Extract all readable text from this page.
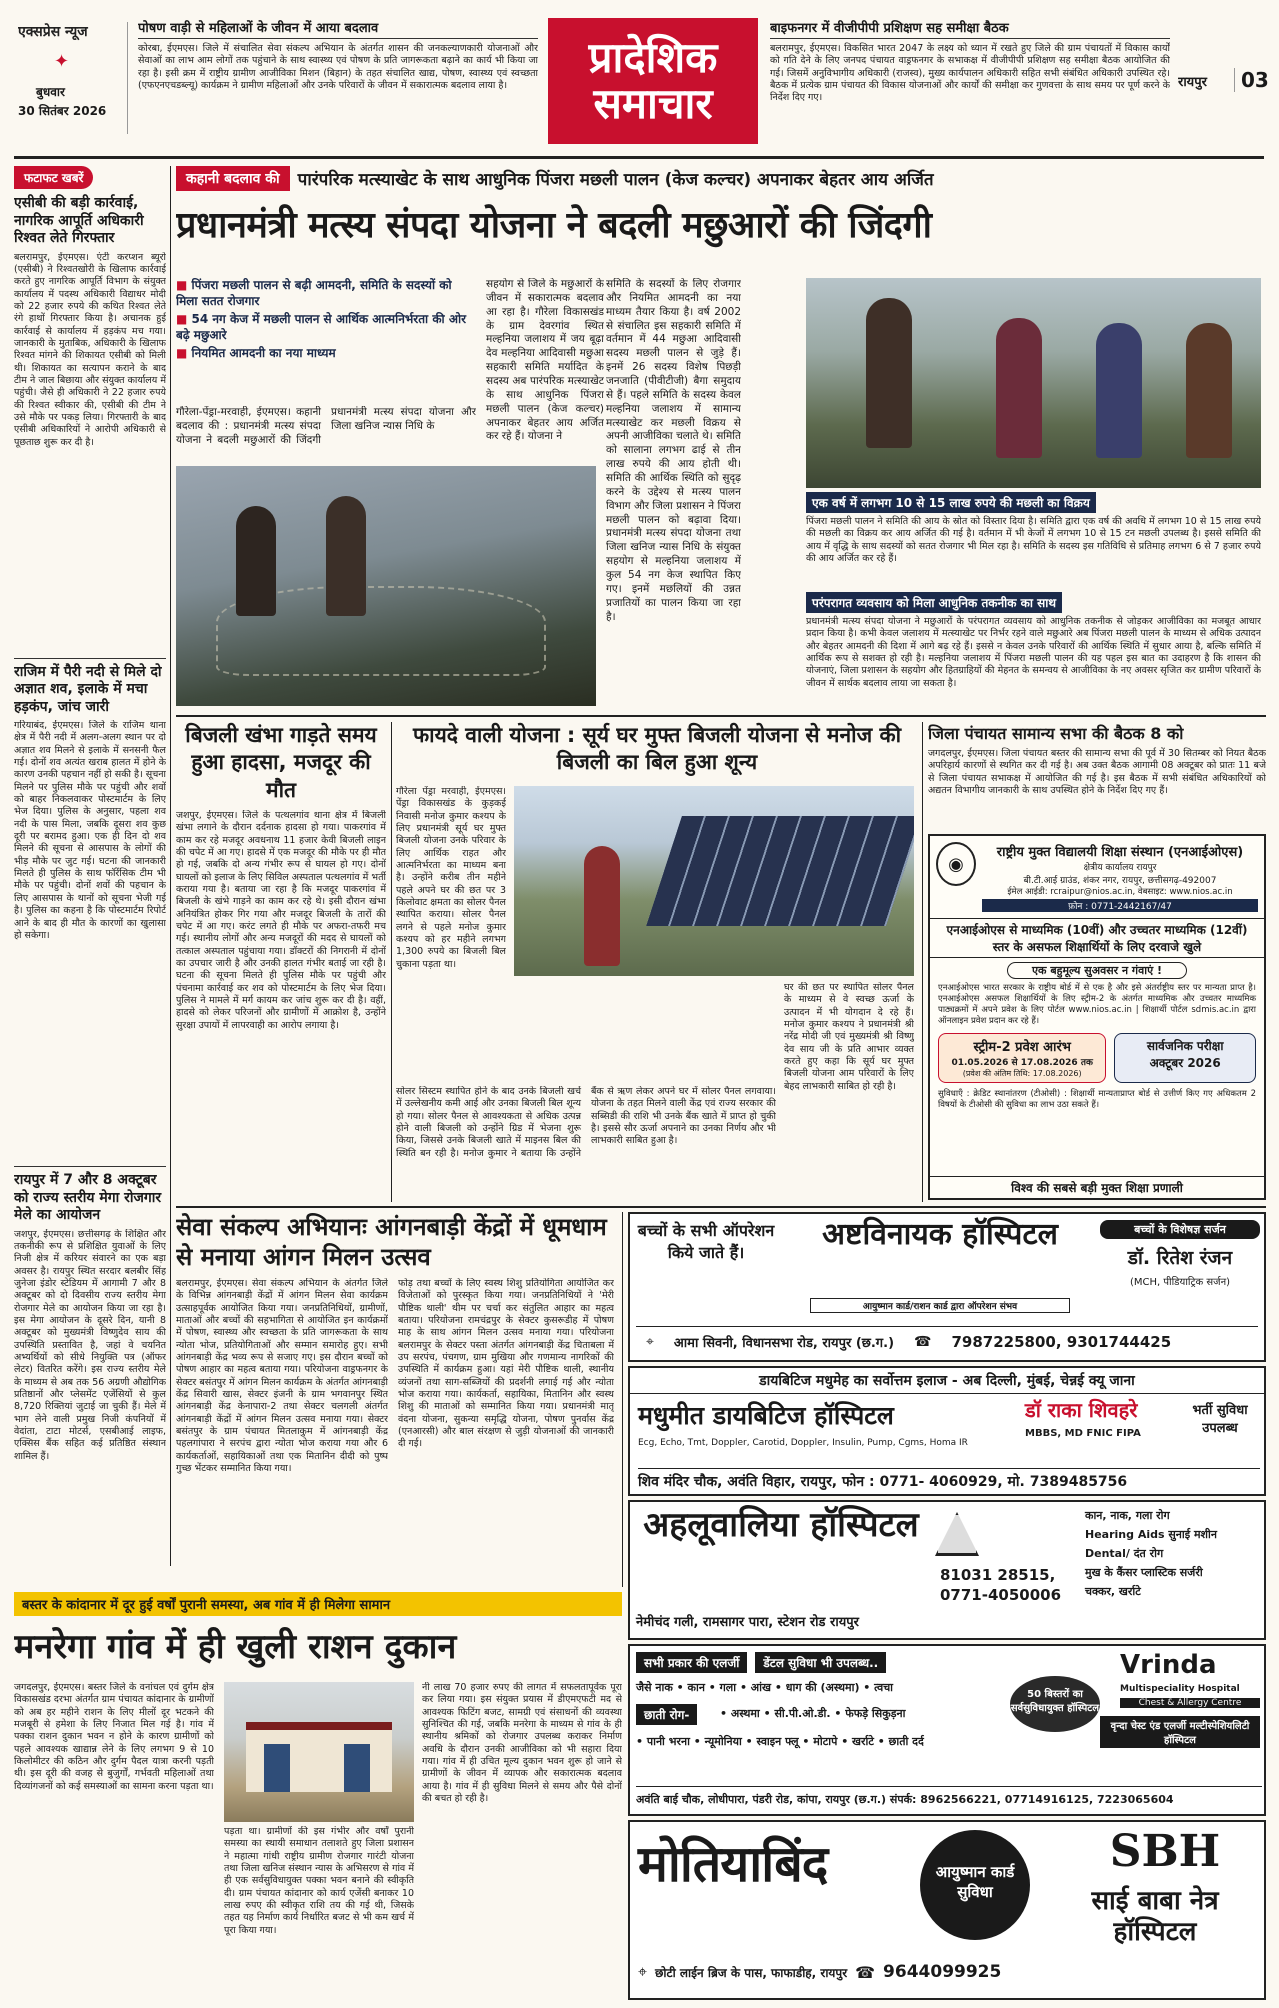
एक्सप्रेस न्यूज
✦
बुधवार
30 सितंबर 2026
पोषण वाड़ी से महिलाओं के जीवन में आया बदलाव
कोरबा, ईएमएस। जिले में संचालित सेवा संकल्प अभियान के अंतर्गत शासन की जनकल्याणकारी योजनाओं और सेवाओं का लाभ आम लोगों तक पहुंचाने के साथ स्वास्थ्य एवं पोषण के प्रति जागरूकता बढ़ाने का कार्य भी किया जा रहा है। इसी क्रम में राष्ट्रीय ग्रामीण आजीविका मिशन (बिहान) के तहत संचालित खाद्य, पोषण, स्वास्थ्य एवं स्वच्छता (एफएनएचडब्ल्यू) कार्यक्रम ने ग्रामीण महिलाओं और उनके परिवारों के जीवन में सकारात्मक बदलाव लाया है।
प्रादेशिक समाचार
बाइफनगर में वीजीपीपी प्रशिक्षण सह समीक्षा बैठक
बलरामपुर, ईएमएस। विकसित भारत 2047 के लक्ष्य को ध्यान में रखते हुए जिले की ग्राम पंचायतों में विकास कार्यों को गति देने के लिए जनपद पंचायत वाड्रफनगर के सभाकक्ष में वीजीपीपी प्रशिक्षण सह समीक्षा बैठक आयोजित की गई। जिसमें अनुविभागीय अधिकारी (राजस्व), मुख्य कार्यपालन अधिकारी सहित सभी संबंधित अधिकारी उपस्थित रहे। बैठक में प्रत्येक ग्राम पंचायत की विकास योजनाओं और कार्यों की समीक्षा कर गुणवत्ता के साथ समय पर पूर्ण करने के निर्देश दिए गए।
रायपुर	03
फटाफट खबरें
एसीबी की बड़ी कार्रवाई, नागरिक आपूर्ति अधिकारी रिश्वत लेते गिरफ्तार
बलरामपुर, ईएमएस। एंटी करप्शन ब्यूरो (एसीबी) ने रिश्वतखोरी के खिलाफ कार्रवाई करते हुए नागरिक आपूर्ति विभाग के संयुक्त कार्यालय में पदस्थ अधिकारी विद्याधर मोदी को 22 हजार रुपये की कथित रिश्वत लेते रंगे हाथों गिरफ्तार किया है। अचानक हुई कार्रवाई से कार्यालय में हड़कंप मच गया। जानकारी के मुताबिक, अधिकारी के खिलाफ रिश्वत मांगने की शिकायत एसीबी को मिली थी। शिकायत का सत्यापन कराने के बाद टीम ने जाल बिछाया और संयुक्त कार्यालय में पहुंची। जैसे ही अधिकारी ने 22 हजार रुपये की रिश्वत स्वीकार की, एसीबी की टीम ने उसे मौके पर पकड़ लिया। गिरफ्तारी के बाद एसीबी अधिकारियों ने आरोपी अधिकारी से पूछताछ शुरू कर दी है।
राजिम में पैरी नदी से मिले दो अज्ञात शव, इलाके में मचा हड़कंप, जांच जारी
गरियाबंद, ईएमएस। जिले के राजिम थाना क्षेत्र में पैरी नदी में अलग-अलग स्थान पर दो अज्ञात शव मिलने से इलाके में सनसनी फैल गई। दोनों शव अत्यंत खराब हालत में होने के कारण उनकी पहचान नहीं हो सकी है। सूचना मिलने पर पुलिस मौके पर पहुंची और शवों को बाहर निकलवाकर पोस्टमार्टम के लिए भेज दिया। पुलिस के अनुसार, पहला शव नदी के पास मिला, जबकि दूसरा शव कुछ दूरी पर बरामद हुआ। एक ही दिन दो शव मिलने की सूचना से आसपास के लोगों की भीड़ मौके पर जुट गई। घटना की जानकारी मिलते ही पुलिस के साथ फॉरेंसिक टीम भी मौके पर पहुंची। दोनों शवों की पहचान के लिए आसपास के थानों को सूचना भेजी गई है। पुलिस का कहना है कि पोस्टमार्टम रिपोर्ट आने के बाद ही मौत के कारणों का खुलासा हो सकेगा।
रायपुर में 7 और 8 अक्टूबर को राज्य स्तरीय मेगा रोजगार मेले का आयोजन
जशपुर, ईएमएस। छत्तीसगढ़ के शिक्षित और तकनीकी रूप से प्रशिक्षित युवाओं के लिए निजी क्षेत्र में करियर संवारने का एक बड़ा अवसर है। रायपुर स्थित सरदार बलबीर सिंह जुनेजा इंडोर स्टेडियम में आगामी 7 और 8 अक्टूबर को दो दिवसीय राज्य स्तरीय मेगा रोजगार मेले का आयोजन किया जा रहा है। इस मेगा आयोजन के दूसरे दिन, यानी 8 अक्टूबर को मुख्यमंत्री विष्णुदेव साय की उपस्थिति प्रस्तावित है, जहां वे चयनित अभ्यर्थियों को सीधे नियुक्ति पत्र (ऑफर लेटर) वितरित करेंगे। इस राज्य स्तरीय मेले के माध्यम से अब तक 56 अग्रणी औद्योगिक प्रतिष्ठानों और प्लेसमेंट एजेंसियों से कुल 8,720 रिक्तियां जुटाई जा चुकी हैं। मेले में भाग लेने वाली प्रमुख निजी कंपनियों में वेदांता, टाटा मोटर्स, एसबीआई लाइफ, एक्सिस बैंक सहित कई प्रतिष्ठित संस्थान शामिल हैं।
कहानी बदलाव की	पारंपरिक मत्स्याखेट के साथ आधुनिक पिंजरा मछली पालन (केज कल्चर) अपनाकर बेहतर आय अर्जित
प्रधानमंत्री मत्स्य संपदा योजना ने बदली मछुआरों की जिंदगी
■ पिंजरा मछली पालन से बढ़ी आमदनी, समिति के सदस्यों को मिला सतत रोजगार
■ 54 नग केज में मछली पालन से आर्थिक आत्मनिर्भरता की ओर बढ़े मछुआरे
■ नियमित आमदनी का नया माध्यम
गौरेला-पेंड्रा-मरवाही, ईएमएस। कहानी बदलाव की : प्रधानमंत्री मत्स्य संपदा योजना ने बदली मछुआरों की जिंदगी प्रधानमंत्री मत्स्य संपदा योजना और जिला खनिज न्यास निधि के
सहयोग से जिले के मछुआरों के जीवन में सकारात्मक बदलाव आ रहा है। गौरेला विकासखंड के ग्राम देवरगांव स्थित मल्हनिया जलाशय में जय बूढ़ा देव मल्हनिया आदिवासी मछुआ सहकारी समिति मर्यादित के सदस्य अब पारंपरिक मत्स्याखेट के साथ आधुनिक पिंजरा मछली पालन (केज कल्चर) अपनाकर बेहतर आय अर्जित कर रहे हैं। योजना ने
समिति के सदस्यों के लिए रोजगार और नियमित आमदनी का नया माध्यम तैयार किया है। वर्ष 2002 से संचालित इस सहकारी समिति में वर्तमान में 44 मछुआ आदिवासी सदस्य मछली पालन से जुड़े हैं। इनमें 26 सदस्य विशेष पिछड़ी जनजाति (पीवीटीजी) बैगा समुदाय से हैं। पहले समिति के सदस्य केवल मल्हनिया जलाशय में सामान्य मत्स्याखेट कर मछली विक्रय से अपनी आजीविका चलाते थे। समिति को सालाना लगभग ढाई से तीन लाख रुपये की आय होती थी। समिति की आर्थिक स्थिति को सुदृढ़ करने के उद्देश्य से मत्स्य पालन विभाग और जिला प्रशासन ने पिंजरा मछली पालन को बढ़ावा दिया। प्रधानमंत्री मत्स्य संपदा योजना तथा जिला खनिज न्यास निधि के संयुक्त सहयोग से मल्हनिया जलाशय में कुल 54 नग केज स्थापित किए गए। इनमें मछलियों की उन्नत प्रजातियों का पालन किया जा रहा है।
एक वर्ष में लगभग 10 से 15 लाख रुपये की मछली का विक्रय
पिंजरा मछली पालन ने समिति की आय के स्रोत को विस्तार दिया है। समिति द्वारा एक वर्ष की अवधि में लगभग 10 से 15 लाख रुपये की मछली का विक्रय कर आय अर्जित की गई है। वर्तमान में भी केजों में लगभग 10 से 15 टन मछली उपलब्ध है। इससे समिति की आय में वृद्धि के साथ सदस्यों को सतत रोजगार भी मिल रहा है। समिति के सदस्य इस गतिविधि से प्रतिमाह लगभग 6 से 7 हजार रुपये की आय अर्जित कर रहे हैं।
परंपरागत व्यवसाय को मिला आधुनिक तकनीक का साथ
प्रधानमंत्री मत्स्य संपदा योजना ने मछुआरों के परंपरागत व्यवसाय को आधुनिक तकनीक से जोड़कर आजीविका का मजबूत आधार प्रदान किया है। कभी केवल जलाशय में मत्स्याखेट पर निर्भर रहने वाले मछुआरे अब पिंजरा मछली पालन के माध्यम से अधिक उत्पादन और बेहतर आमदनी की दिशा में आगे बढ़ रहे हैं। इससे न केवल उनके परिवारों की आर्थिक स्थिति में सुधार आया है, बल्कि समिति में आर्थिक रूप से सशक्त हो रही है। मल्हनिया जलाशय में पिंजरा मछली पालन की यह पहल इस बात का उदाहरण है कि शासन की योजनाएं, जिला प्रशासन के सहयोग और हितग्राहियों की मेहनत के समन्वय से आजीविका के नए अवसर सृजित कर ग्रामीण परिवारों के जीवन में सार्थक बदलाव लाया जा सकता है।
बिजली खंभा गाड़ते समय हुआ हादसा, मजदूर की मौत
जशपुर, ईएमएस। जिले के पत्थलगांव थाना क्षेत्र में बिजली खंभा लगाने के दौरान दर्दनाक हादसा हो गया। पाकरगांव में काम कर रहे मजदूर अवधनाथ 11 हजार केवी बिजली लाइन की चपेट में आ गए। हादसे में एक मजदूर की मौके पर ही मौत हो गई, जबकि दो अन्य गंभीर रूप से घायल हो गए। दोनों घायलों को इलाज के लिए सिविल अस्पताल पत्थलगांव में भर्ती कराया गया है। बताया जा रहा है कि मजदूर पाकरगांव में बिजली के खंभे गाड़ने का काम कर रहे थे। इसी दौरान खंभा अनियंत्रित होकर गिर गया और मजदूर बिजली के तारों की चपेट में आ गए। करंट लगते ही मौके पर अफरा-तफरी मच गई। स्थानीय लोगों और अन्य मजदूरों की मदद से घायलों को तत्काल अस्पताल पहुंचाया गया। डॉक्टरों की निगरानी में दोनों का उपचार जारी है और उनकी हालत गंभीर बताई जा रही है। घटना की सूचना मिलते ही पुलिस मौके पर पहुंची और पंचनामा कार्रवाई कर शव को पोस्टमार्टम के लिए भेज दिया। पुलिस ने मामले में मर्ग कायम कर जांच शुरू कर दी है। वहीं, हादसे को लेकर परिजनों और ग्रामीणों में आक्रोश है, उन्होंने सुरक्षा उपायों में लापरवाही का आरोप लगाया है।
फायदे वाली योजना : सूर्य घर मुफ्त बिजली योजना से मनोज की बिजली का बिल हुआ शून्य
गौरेला पेंड्रा मरवाही, ईएमएस। पेंड्रा विकासखंड के कुड़कई निवासी मनोज कुमार कश्यप के लिए प्रधानमंत्री सूर्य घर मुफ्त बिजली योजना उनके परिवार के लिए आर्थिक राहत और आत्मनिर्भरता का माध्यम बना है। उन्होंने करीब तीन महीने पहले अपने घर की छत पर 3 किलोवाट क्षमता का सोलर पैनल स्थापित कराया। सोलर पैनल लगने से पहले मनोज कुमार कश्यप को हर महीने लगभग 1,300 रुपये का बिजली बिल चुकाना पड़ता था।
सोलर सिस्टम स्थापित होने के बाद उनके बिजली खर्च में उल्लेखनीय कमी आई और उनका बिजली बिल शून्य हो गया। सोलर पैनल से आवश्यकता से अधिक उत्पन्न होने वाली बिजली को उन्होंने ग्रिड में भेजना शुरू किया, जिससे उनके बिजली खाते में माइनस बिल की स्थिति बन रही है। मनोज कुमार ने बताया कि उन्होंने बैंक से ऋण लेकर अपने घर में सोलर पैनल लगवाया। योजना के तहत मिलने वाली केंद्र एवं राज्य सरकार की सब्सिडी की राशि भी उनके बैंक खाते में प्राप्त हो चुकी है। इससे सौर ऊर्जा अपनाने का उनका निर्णय और भी लाभकारी साबित हुआ है।
घर की छत पर स्थापित सोलर पैनल के माध्यम से वे स्वच्छ ऊर्जा के उत्पादन में भी योगदान दे रहे हैं। मनोज कुमार कश्यप ने प्रधानमंत्री श्री नरेंद्र मोदी जी एवं मुख्यमंत्री श्री विष्णु देव साय जी के प्रति आभार व्यक्त करते हुए कहा कि सूर्य घर मुफ्त बिजली योजना आम परिवारों के लिए बेहद लाभकारी साबित हो रही है।
जिला पंचायत सामान्य सभा की बैठक 8 को
जगदलपुर, ईएमएस। जिला पंचायत बस्तर की सामान्य सभा की पूर्व में 30 सितम्बर को नियत बैठक अपरिहार्य कारणों से स्थगित कर दी गई है। अब उक्त बैठक आगामी 08 अक्टूबर को प्रातः 11 बजे से जिला पंचायत सभाकक्ष में आयोजित की गई है। इस बैठक में सभी संबंधित अधिकारियों को अद्यतन विभागीय जानकारी के साथ उपस्थित होने के निर्देश दिए गए हैं।
◉
राष्ट्रीय मुक्त विद्यालयी शिक्षा संस्थान (एनआईओएस)
क्षेत्रीय कार्यालय रायपुर
बी.टी.आई ग्राउंड, शंकर नगर, रायपुर, छत्तीसगढ़-492007
ईमेल आईडी: rcraipur@nios.ac.in, वेबसाइट: www.nios.ac.in
फ़ोन : 0771-2442167/47
एनआईओएस से माध्यमिक (10वीं) और उच्चतर माध्यमिक (12वीं) स्तर के असफल शिक्षार्थियों के लिए दरवाजे खुले
एक बहुमूल्य सुअवसर न गंवाएं !
एनआईओएस भारत सरकार के राष्ट्रीय बोर्ड में से एक है और इसे अंतर्राष्ट्रीय स्तर पर मान्यता प्राप्त है। एनआईओएस असफल शिक्षार्थियों के लिए स्ट्रीम-2 के अंतर्गत माध्यमिक और उच्चतर माध्यमिक पाठ्यक्रमों में अपने प्रवेश के लिए पोर्टल www.nios.ac.in | शिक्षार्थी पोर्टल sdmis.ac.in द्वारा ऑनलाइन प्रवेश प्रदान कर रहे हैं।
स्ट्रीम-2 प्रवेश आरंभ
01.05.2026 से 17.08.2026 तक
(प्रवेश की अंतिम तिथि: 17.08.2026)
सार्वजनिक परीक्षा
अक्टूबर 2026
सुविधाएँ : क्रेडिट स्थानांतरण (टीओसी) : शिक्षार्थी मान्यताप्राप्त बोर्ड से उत्तीर्ण किए गए अधिकतम 2 विषयों के टीओसी की सुविधा का लाभ उठा सकते हैं।
विश्व की सबसे बड़ी मुक्त शिक्षा प्रणाली
सेवा संकल्प अभियानः आंगनबाड़ी केंद्रों में धूमधाम से मनाया आंगन मिलन उत्सव
बलरामपुर, ईएमएस। सेवा संकल्प अभियान के अंतर्गत जिले के विभिन्न आंगनबाड़ी केंद्रों में आंगन मिलन सेवा कार्यक्रम उत्साहपूर्वक आयोजित किया गया। जनप्रतिनिधियों, ग्रामीणों, माताओं और बच्चों की सहभागिता से आयोजित इन कार्यक्रमों में पोषण, स्वास्थ्य और स्वच्छता के प्रति जागरूकता के साथ न्योता भोज, प्रतियोगिताओं और सम्मान समारोह हुए। सभी आंगनबाड़ी केंद्र भव्य रूप से सजाए गए। इस दौरान बच्चों को पोषण आहार का महत्व बताया गया। परियोजना वाड्रफनगर के सेक्टर बसंतपुर में आंगन मिलन कार्यक्रम के अंतर्गत आंगनबाड़ी केंद्र सिवारी खास, सेक्टर इंजनी के ग्राम भगवानपुर स्थित आंगनबाड़ी केंद्र केनापारा-2 तथा सेक्टर चलगली अंतर्गत आंगनबाड़ी केंद्रों में आंगन मिलन उत्सव मनाया गया। सेक्टर बसंतपुर के ग्राम पंचायत मितलाकुम में आंगनबाड़ी केंद्र पहलगांपारा ने सरपंच द्वारा न्योता भोज कराया गया और 6 कार्यकर्ताओं, सहायिकाओं तथा एक मितानिन दीदी को पुष्प गुच्छ भेंटकर सम्मानित किया गया।
फोड़ तथा बच्चों के लिए स्वस्थ शिशु प्रतियोगिता आयोजित कर विजेताओं को पुरस्कृत किया गया। जनप्रतिनिधियों ने 'मेरी पौष्टिक थाली' थीम पर चर्चा कर संतुलित आहार का महत्व बताया। परियोजना रामचंद्रपुर के सेक्टर कुसरूडीह में पोषण माह के साथ आंगन मिलन उत्सव मनाया गया। परियोजना बलरामपुर के सेक्टर पस्ता अंतर्गत आंगनबाड़ी केंद्र चिताबला में उप सरपंच, पंचगण, ग्राम मुखिया और गणमान्य नागरिकों की उपस्थिति में कार्यक्रम हुआ। यहां मेरी पौष्टिक थाली, स्थानीय व्यंजनों तथा साग-सब्जियों की प्रदर्शनी लगाई गई और न्योता भोज कराया गया। कार्यकर्ता, सहायिका, मितानिन और स्वस्थ शिशु की माताओं को सम्मानित किया गया। प्रधानमंत्री मातृ वंदना योजना, सुकन्या समृद्धि योजना, पोषण पुनर्वास केंद्र (एनआरसी) और बाल संरक्षण से जुड़ी योजनाओं की जानकारी दी गई।
बच्चों के सभी ऑपरेशन किये जाते हैं।
अष्टविनायक हॉस्पिटल
आयुष्मान कार्ड/राशन कार्ड द्वारा ऑपरेशन संभव
बच्चों के विशेषज्ञ सर्जन
डॉ. रितेश रंजन
(MCH, पीडियाट्रिक सर्जन)
⌖ आमा सिवनी, विधानसभा रोड, रायपुर (छ.ग.) ☎ 7987225800, 9301744425
डायबिटिज मधुमेह का सर्वोत्तम इलाज - अब दिल्ली, मुंबई, चेन्नई क्यू जाना
मधुमीत डायबिटिज हॉस्पिटल
Ecg, Echo, Tmt, Doppler, Carotid, Doppler, Insulin, Pump, Cgms, Homa IR
डॉ राका शिवहरे
MBBS, MD FNIC FIPA
भर्ती सुविधा उपलब्ध
शिव मंदिर चौक, अवंति विहार, रायपुर, फोन : 0771- 4060929, मो. 7389485756
अहलूवालिया हॉस्पिटल
81031 28515,
0771-4050006
नेमीचंद गली, रामसागर पारा, स्टेशन रोड रायपुर
कान, नाक, गला रोग
Hearing Aids सुनाई मशीन
Dental/ दंत रोग
मुख के कैंसर प्लास्टिक सर्जरी
चक्कर, खर्राटे
सभी प्रकार की एलर्जी	डेंटल सुविधा भी उपलब्ध..
जैसे नाक • कान • गला • आंख • धाग की (अस्थमा) • त्वचा
छाती रोग-	• अस्थमा • सी.पी.ओ.डी. • फेफड़े सिकुड़ना
• पानी भरना • न्यूमोनिया • स्वाइन फ्लू • मोटापे • खर्राटे • छाती दर्द
50 बिस्तरों का सर्वसुविधायुक्त हॉस्पिटल
Vrinda
Multispeciality Hospital
Chest & Allergy Centre
वृन्दा चेस्ट एंड एलर्जी मल्टीस्पेशियलिटी हॉस्पिटल
अवंति बाई चौक, लोधीपारा, पंडरी रोड, कांपा, रायपुर (छ.ग.) संपर्क: 8962566221, 07714916125, 7223065604
मोतियाबिंद	आयुष्मान कार्ड सुविधा
SBH
साई बाबा नेत्र हॉस्पिटल
⌖ छोटी लाईन ब्रिज के पास, फाफाडीह, रायपुर ☎ 9644099925
बस्तर के कांदानार में दूर हुई वर्षों पुरानी समस्या, अब गांव में ही मिलेगा सामान
मनरेगा गांव में ही खुली राशन दुकान
जगदलपुर, ईएमएस। बस्तर जिले के वनांचल एवं दुर्गम क्षेत्र विकासखंड दरभा अंतर्गत ग्राम पंचायत कांदानार के ग्रामीणों को अब हर महीने राशन के लिए मीलों दूर भटकने की मजबूरी से हमेशा के लिए निजात मिल गई है। गांव में पक्का राशन दुकान भवन न होने के कारण ग्रामीणों को पहले आवश्यक खाद्यान्न लेने के लिए लगभग 9 से 10 किलोमीटर की कठिन और दुर्गम पैदल यात्रा करनी पड़ती थी। इस दूरी की वजह से बुजुर्गों, गर्भवती महिलाओं तथा दिव्यांगजनों को कई समस्याओं का सामना करना पड़ता था।
पड़ता था। ग्रामीणों की इस गंभीर और वर्षों पुरानी समस्या का स्थायी समाधान तलाशते हुए जिला प्रशासन ने महात्मा गांधी राष्ट्रीय ग्रामीण रोजगार गारंटी योजना तथा जिला खनिज संस्थान न्यास के अभिसरण से गांव में ही एक सर्वसुविधायुक्त पक्का भवन बनाने की स्वीकृति दी। ग्राम पंचायत कांदानार को कार्य एजेंसी बनाकर 10 लाख रुपए की स्वीकृत राशि तय की गई थी, जिसके तहत यह निर्माण कार्य निर्धारित बजट से भी कम खर्च में पूरा किया गया।
नी लाख 70 हजार रुपए की लागत में सफलतापूर्वक पूरा कर लिया गया। इस संयुक्त प्रयास में डीएमएफटी मद से आवश्यक फिटिंग बजट, सामग्री एवं संसाधनों की व्यवस्था सुनिश्चित की गई, जबकि मनरेगा के माध्यम से गांव के ही स्थानीय श्रमिकों को रोजगार उपलब्ध कराकर निर्माण अवधि के दौरान उनकी आजीविका को भी सहारा दिया गया। गांव में ही उचित मूल्य दुकान भवन शुरू हो जाने से ग्रामीणों के जीवन में व्यापक और सकारात्मक बदलाव आया है। गांव में ही सुविधा मिलने से समय और पैसे दोनों की बचत हो रही है।
